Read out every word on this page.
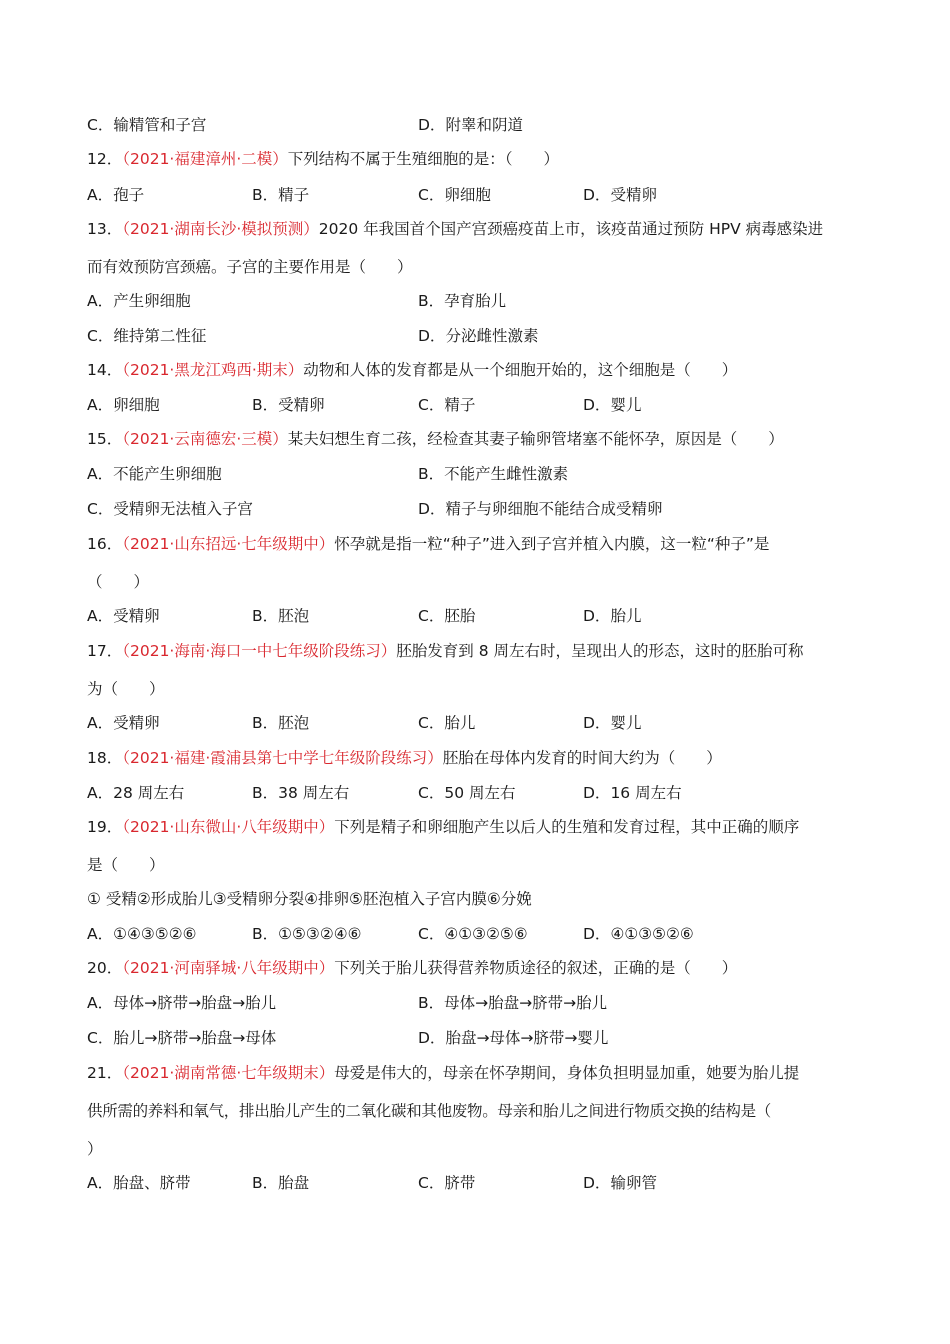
C．输精管和子宫	D．附睾和阴道
12．（2021·福建漳州·二模）下列结构不属于生殖细胞的是：（　　）
A．孢子	B．精子	C．卵细胞	D．受精卵
13．（2021·湖南长沙·模拟预测）2020 年我国首个国产宫颈癌疫苗上市，该疫苗通过预防 HPV 病毒感染进
而有效预防宫颈癌。子宫的主要作用是（　　）
A．产生卵细胞	B．孕育胎儿
C．维持第二性征	D．分泌雌性激素
14．（2021·黑龙江鸡西·期末）动物和人体的发育都是从一个细胞开始的，这个细胞是（　　）
A．卵细胞	B．受精卵	C．精子	D．婴儿
15．（2021·云南德宏·三模）某夫妇想生育二孩，经检查其妻子输卵管堵塞不能怀孕，原因是（　　）
A．不能产生卵细胞	B．不能产生雌性激素
C．受精卵无法植入子宫	D．精子与卵细胞不能结合成受精卵
16．（2021·山东招远·七年级期中）怀孕就是指一粒“种子”进入到子宫并植入内膜，这一粒“种子”是
（　　）
A．受精卵	B．胚泡	C．胚胎	D．胎儿
17．（2021·海南·海口一中七年级阶段练习）胚胎发育到 8 周左右时，呈现出人的形态，这时的胚胎可称
为（　　）
A．受精卵	B．胚泡	C．胎儿	D．婴儿
18．（2021·福建·霞浦县第七中学七年级阶段练习）胚胎在母体内发育的时间大约为（　　）
A．28 周左右	B．38 周左右	C．50 周左右	D．16 周左右
19．（2021·山东微山·八年级期中）下列是精子和卵细胞产生以后人的生殖和发育过程，其中正确的顺序
是（　　）
① 受精②形成胎儿③受精卵分裂④排卵⑤胚泡植入子宫内膜⑥分娩
A．①④③⑤②⑥	B．①⑤③②④⑥	C．④①③②⑤⑥	D．④①③⑤②⑥
20．（2021·河南驿城·八年级期中）下列关于胎儿获得营养物质途径的叙述，正确的是（　　）
A．母体→脐带→胎盘→胎儿	B．母体→胎盘→脐带→胎儿
C．胎儿→脐带→胎盘→母体	D．胎盘→母体→脐带→婴儿
21．（2021·湖南常德·七年级期末）母爱是伟大的，母亲在怀孕期间，身体负担明显加重，她要为胎儿提
供所需的养料和氧气，排出胎儿产生的二氧化碳和其他废物。母亲和胎儿之间进行物质交换的结构是（
）
A．胎盘、脐带	B．胎盘	C．脐带	D．输卵管
